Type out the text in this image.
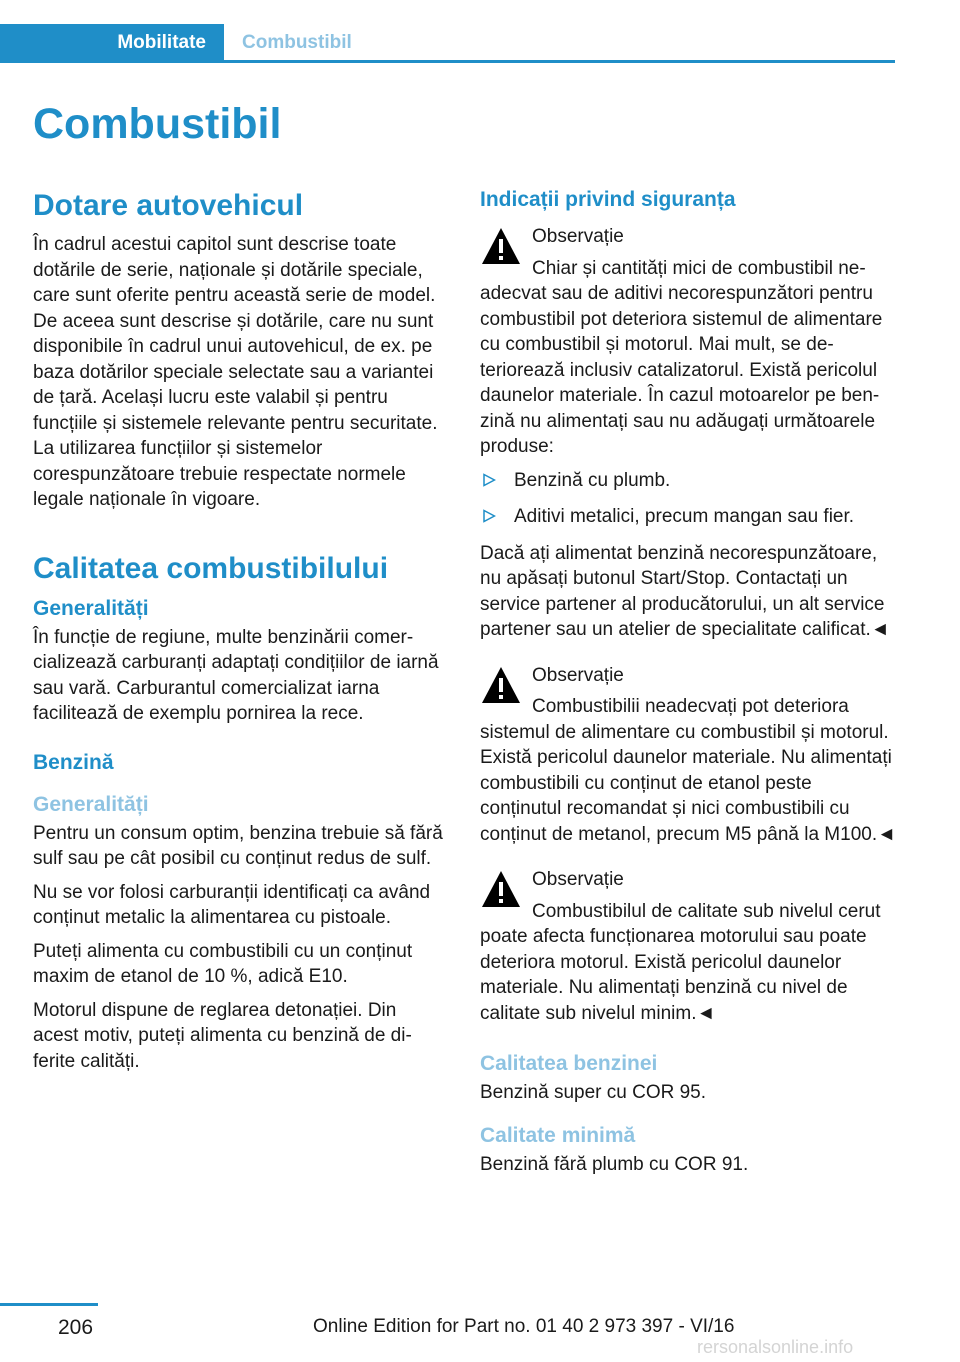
Mobilitate	Combustibil
Combustibil
Dotare autovehicul
În cadrul acestui capitol sunt descrise toate dotările de serie, naționale și dotările speciale, care sunt oferite pentru această serie de model. De aceea sunt descrise și dotările, care nu sunt disponibile în cadrul unui autovehicul, de ex. pe baza dotărilor speciale selectate sau a variantei de țară. Același lucru este valabil și pentru funcțiile și sistemele relevante pentru securitate. La utilizarea funcțiilor și sistemelor corespunzătoare trebuie respectate normele legale naționale în vigoare.
Calitatea combustibilului
Generalități
În funcție de regiune, multe benzinării comercializează carburanți adaptați condițiilor de iarnă sau vară. Carburantul comercializat iarna facilitează de exemplu pornirea la rece.
Benzină
Generalități
Pentru un consum optim, benzina trebuie să fără sulf sau pe cât posibil cu conținut redus de sulf.
Nu se vor folosi carburanții identificați ca având conținut metalic la alimentarea cu pistoale.
Puteți alimenta cu combustibili cu un conținut maxim de etanol de 10 %, adică E10.
Motorul dispune de reglarea detonației. Din acest motiv, puteți alimenta cu benzină de diferite calități.
Indicații privind siguranța
Observație
Chiar și cantități mici de combustibil neadecvat sau de aditivi necorespunzători pentru combustibil pot deteriora sistemul de alimentare cu combustibil și motorul. Mai mult, se deteriorează inclusiv catalizatorul. Există pericolul daunelor materiale. În cazul motoarelor pe benzină nu alimentați sau nu adăugați următoarele produse:
Benzină cu plumb.
Aditivi metalici, precum mangan sau fier.
Dacă ați alimentat benzină necorespunzătoare, nu apăsați butonul Start/Stop. Contactați un service partener al producătorului, un alt service partener sau un atelier de specialitate calificat.◄
Observație
Combustibilii neadecvați pot deteriora sistemul de alimentare cu combustibil și motorul. Există pericolul daunelor materiale. Nu alimentați combustibili cu conținut de etanol peste conținutul recomandat și nici combustibili cu conținut de metanol, precum M5 până la M100.◄
Observație
Combustibilul de calitate sub nivelul cerut poate afecta funcționarea motorului sau poate deteriora motorul. Există pericolul daunelor materiale. Nu alimentați benzină cu nivel de calitate sub nivelul minim.◄
Calitatea benzinei
Benzină super cu COR 95.
Calitate minimă
Benzină fără plumb cu COR 91.
206	Online Edition for Part no. 01 40 2 973 397 - VI/16
rersonalsonline.info
